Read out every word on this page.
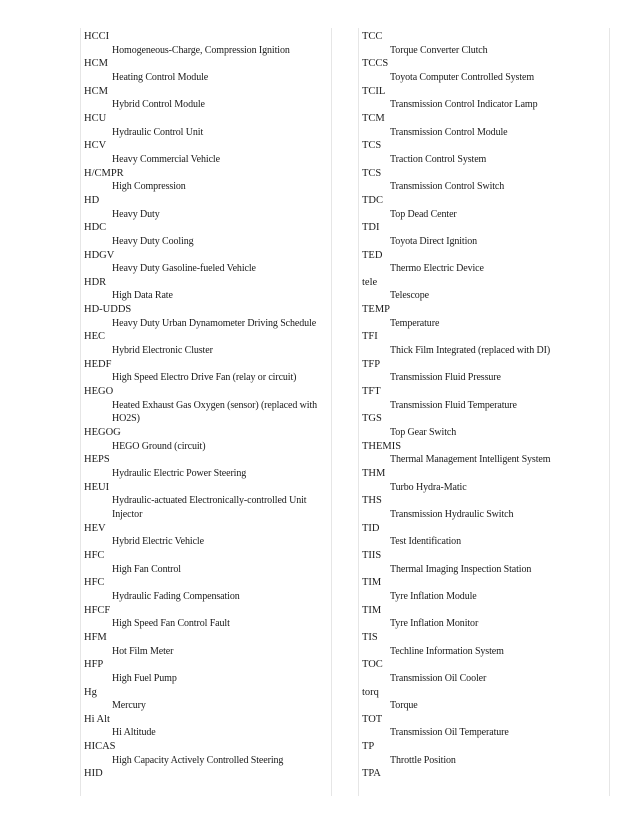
HCCI
Homogeneous-Charge, Compression Ignition
HCM
Heating Control Module
HCM
Hybrid Control Module
HCU
Hydraulic Control Unit
HCV
Heavy Commercial Vehicle
H/CMPR
High Compression
HD
Heavy Duty
HDC
Heavy Duty Cooling
HDGV
Heavy Duty Gasoline-fueled Vehicle
HDR
High Data Rate
HD-UDDS
Heavy Duty Urban Dynamometer Driving Schedule
HEC
Hybrid Electronic Cluster
HEDF
High Speed Electro Drive Fan (relay or circuit)
HEGO
Heated Exhaust Gas Oxygen (sensor) (replaced with HO2S)
HEGOG
HEGO Ground (circuit)
HEPS
Hydraulic Electric Power Steering
HEUI
Hydraulic-actuated Electronically-controlled Unit Injector
HEV
Hybrid Electric Vehicle
HFC
High Fan Control
HFC
Hydraulic Fading Compensation
HFCF
High Speed Fan Control Fault
HFM
Hot Film Meter
HFP
High Fuel Pump
Hg
Mercury
Hi Alt
Hi Altitude
HICAS
High Capacity Actively Controlled Steering
HID
TCC
Torque Converter Clutch
TCCS
Toyota Computer Controlled System
TCIL
Transmission Control Indicator Lamp
TCM
Transmission Control Module
TCS
Traction Control System
TCS
Transmission Control Switch
TDC
Top Dead Center
TDI
Toyota Direct Ignition
TED
Thermo Electric Device
tele
Telescope
TEMP
Temperature
TFI
Thick Film Integrated (replaced with DI)
TFP
Transmission Fluid Pressure
TFT
Transmission Fluid Temperature
TGS
Top Gear Switch
THEMIS
Thermal Management Intelligent System
THM
Turbo Hydra-Matic
THS
Transmission Hydraulic Switch
TID
Test Identification
TIIS
Thermal Imaging Inspection Station
TIM
Tyre Inflation Module
TIM
Tyre Inflation Monitor
TIS
Techline Information System
TOC
Transmission Oil Cooler
torq
Torque
TOT
Transmission Oil Temperature
TP
Throttle Position
TPA
